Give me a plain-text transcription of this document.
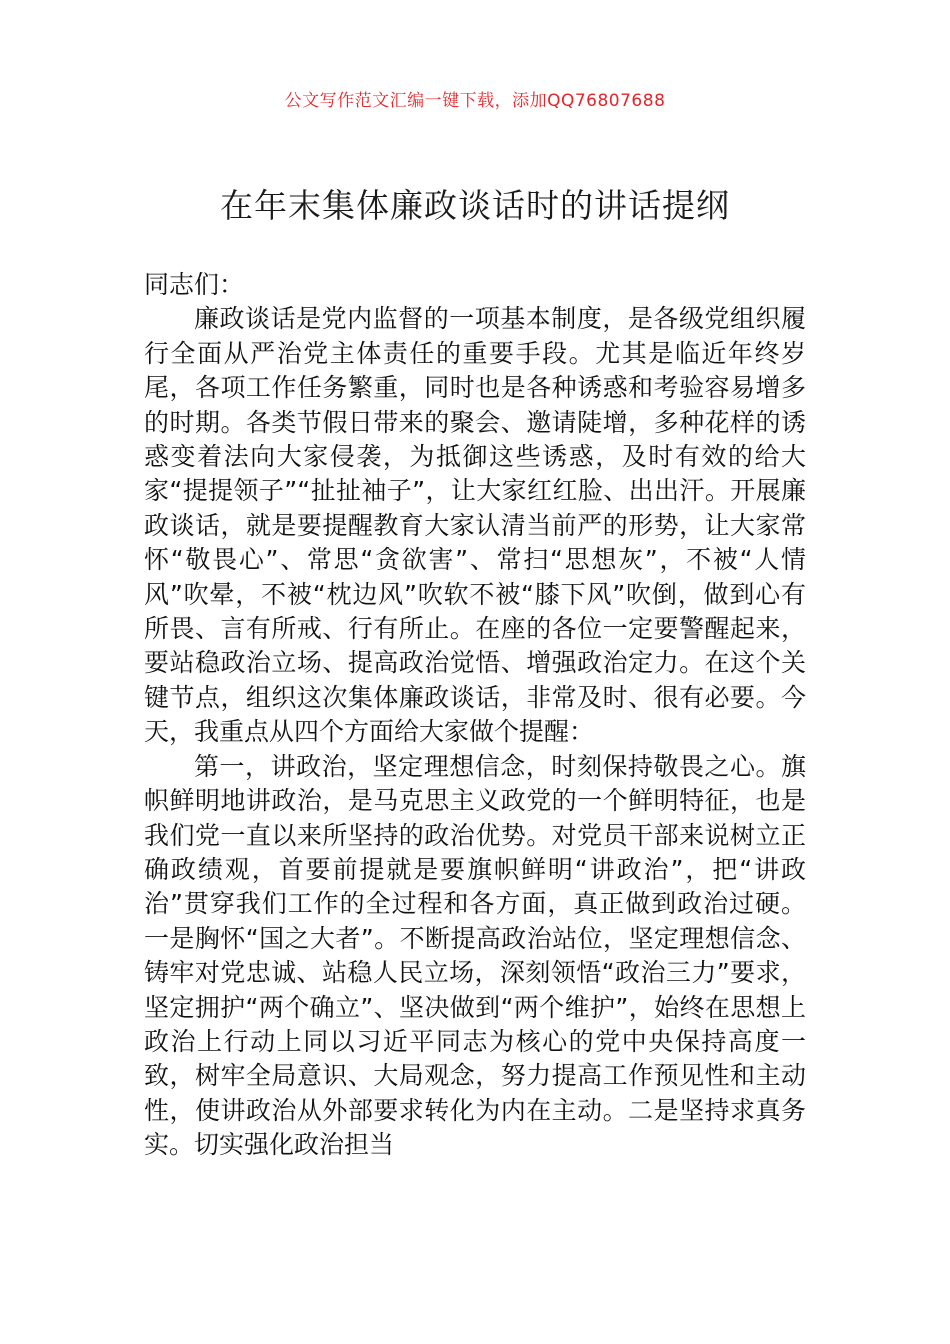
公文写作范文汇编一键下载，添加QQ76807688
在年末集体廉政谈话时的讲话提纲

同志们：

廉政谈话是党内监督的一项基本制度，是各级党组织履行全面从严治党主体责任的重要手段。尤其是临近年终岁尾，各项工作任务繁重，同时也是各种诱惑和考验容易增多的时期。各类节假日带来的聚会、邀请陡增，多种花样的诱惑变着法向大家侵袭，为抵御这些诱惑，及时有效的给大家“提提领子”“扯扯袖子”，让大家红红脸、出出汗。开展廉政谈话，就是要提醒教育大家认清当前严的形势，让大家常怀“敬畏心”、常思“贪欲害”、常扫“思想灰”，不被“人情风”吹晕，不被“枕边风”吹软不被“膝下风”吹倒，做到心有所畏、言有所戒、行有所止。在座的各位一定要警醒起来，要站稳政治立场、提高政治觉悟、增强政治定力。在这个关键节点，组织这次集体廉政谈话，非常及时、很有必要。今天，我重点从四个方面给大家做个提醒：

第一，讲政治，坚定理想信念，时刻保持敬畏之心。旗帜鲜明地讲政治，是马克思主义政党的一个鲜明特征，也是我们党一直以来所坚持的政治优势。对党员干部来说树立正确政绩观，首要前提就是要旗帜鲜明“讲政治”，把“讲政治”贯穿我们工作的全过程和各方面，真正做到政治过硬。一是胸怀“国之大者”。不断提高政治站位，坚定理想信念、铸牢对党忠诚、站稳人民立场，深刻领悟“政治三力”要求，坚定拥护“两个确立”、坚决做到“两个维护”，始终在思想上政治上行动上同以习近平同志为核心的党中央保持高度一致，树牢全局意识、大局观念，努力提高工作预见性和主动性，使讲政治从外部要求转化为内在主动。二是坚持求真务实。切实强化政治担当
